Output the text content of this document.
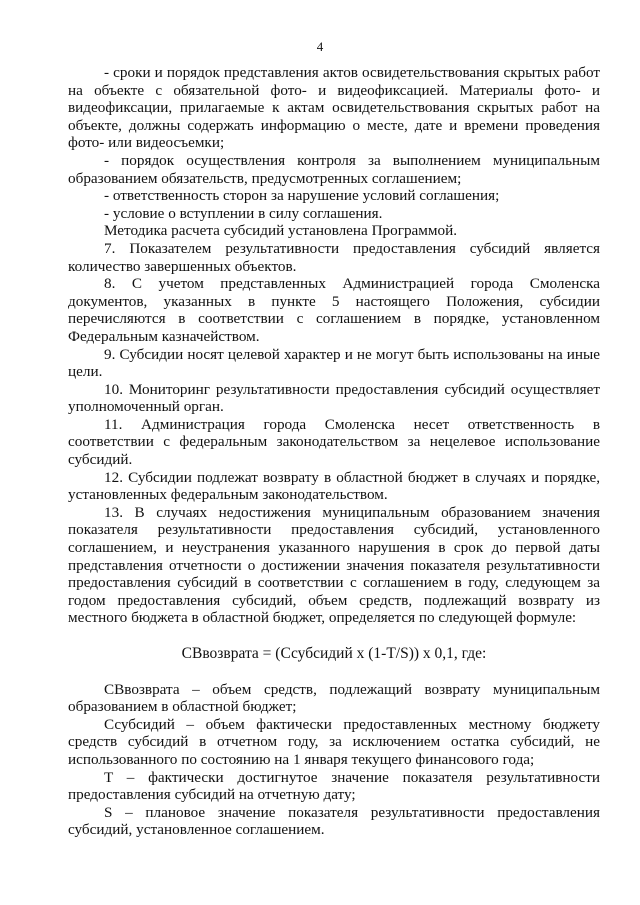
4

- сроки и порядок представления актов освидетельствования скрытых работ на объекте с обязательной фото- и видеофиксацией. Материалы фото- и видеофиксации, прилагаемые к актам освидетельствования скрытых работ на объекте, должны содержать информацию о месте, дате и времени проведения фото- или видеосъемки;

- порядок осуществления контроля за выполнением муниципальным образованием обязательств, предусмотренных соглашением;

- ответственность сторон за нарушение условий соглашения;

- условие о вступлении в силу соглашения.

Методика расчета субсидий установлена Программой.

7. Показателем результативности предоставления субсидий является количество завершенных объектов.

8. С учетом представленных Администрацией города Смоленска документов, указанных в пункте 5 настоящего Положения, субсидии перечисляются в соответствии с соглашением в порядке, установленном Федеральным казначейством.

9. Субсидии носят целевой характер и не могут быть использованы на иные цели.

10. Мониторинг результативности предоставления субсидий осуществляет уполномоченный орган.

11. Администрация города Смоленска несет ответственность в соответствии с федеральным законодательством за нецелевое использование субсидий.

12. Субсидии подлежат возврату в областной бюджет в случаях и порядке, установленных федеральным законодательством.

13. В случаях недостижения муниципальным образованием значения показателя результативности предоставления субсидий, установленного соглашением, и неустранения указанного нарушения в срок до первой даты представления отчетности о достижении значения показателя результативности предоставления субсидий в соответствии с соглашением в году, следующем за годом предоставления субсидий, объем средств, подлежащий возврату из местного бюджета в областной бюджет, определяется по следующей формуле:

СВвозврата = (Ссубсидий х (1-T/S)) х 0,1, где:

СВвозврата – объем средств, подлежащий возврату муниципальным образованием в областной бюджет;

Ссубсидий – объем фактически предоставленных местному бюджету средств субсидий в отчетном году, за исключением остатка субсидий, не использованного по состоянию на 1 января текущего финансового года;

T – фактически достигнутое значение показателя результативности предоставления субсидий на отчетную дату;

S – плановое значение показателя результативности предоставления субсидий, установленное соглашением.
